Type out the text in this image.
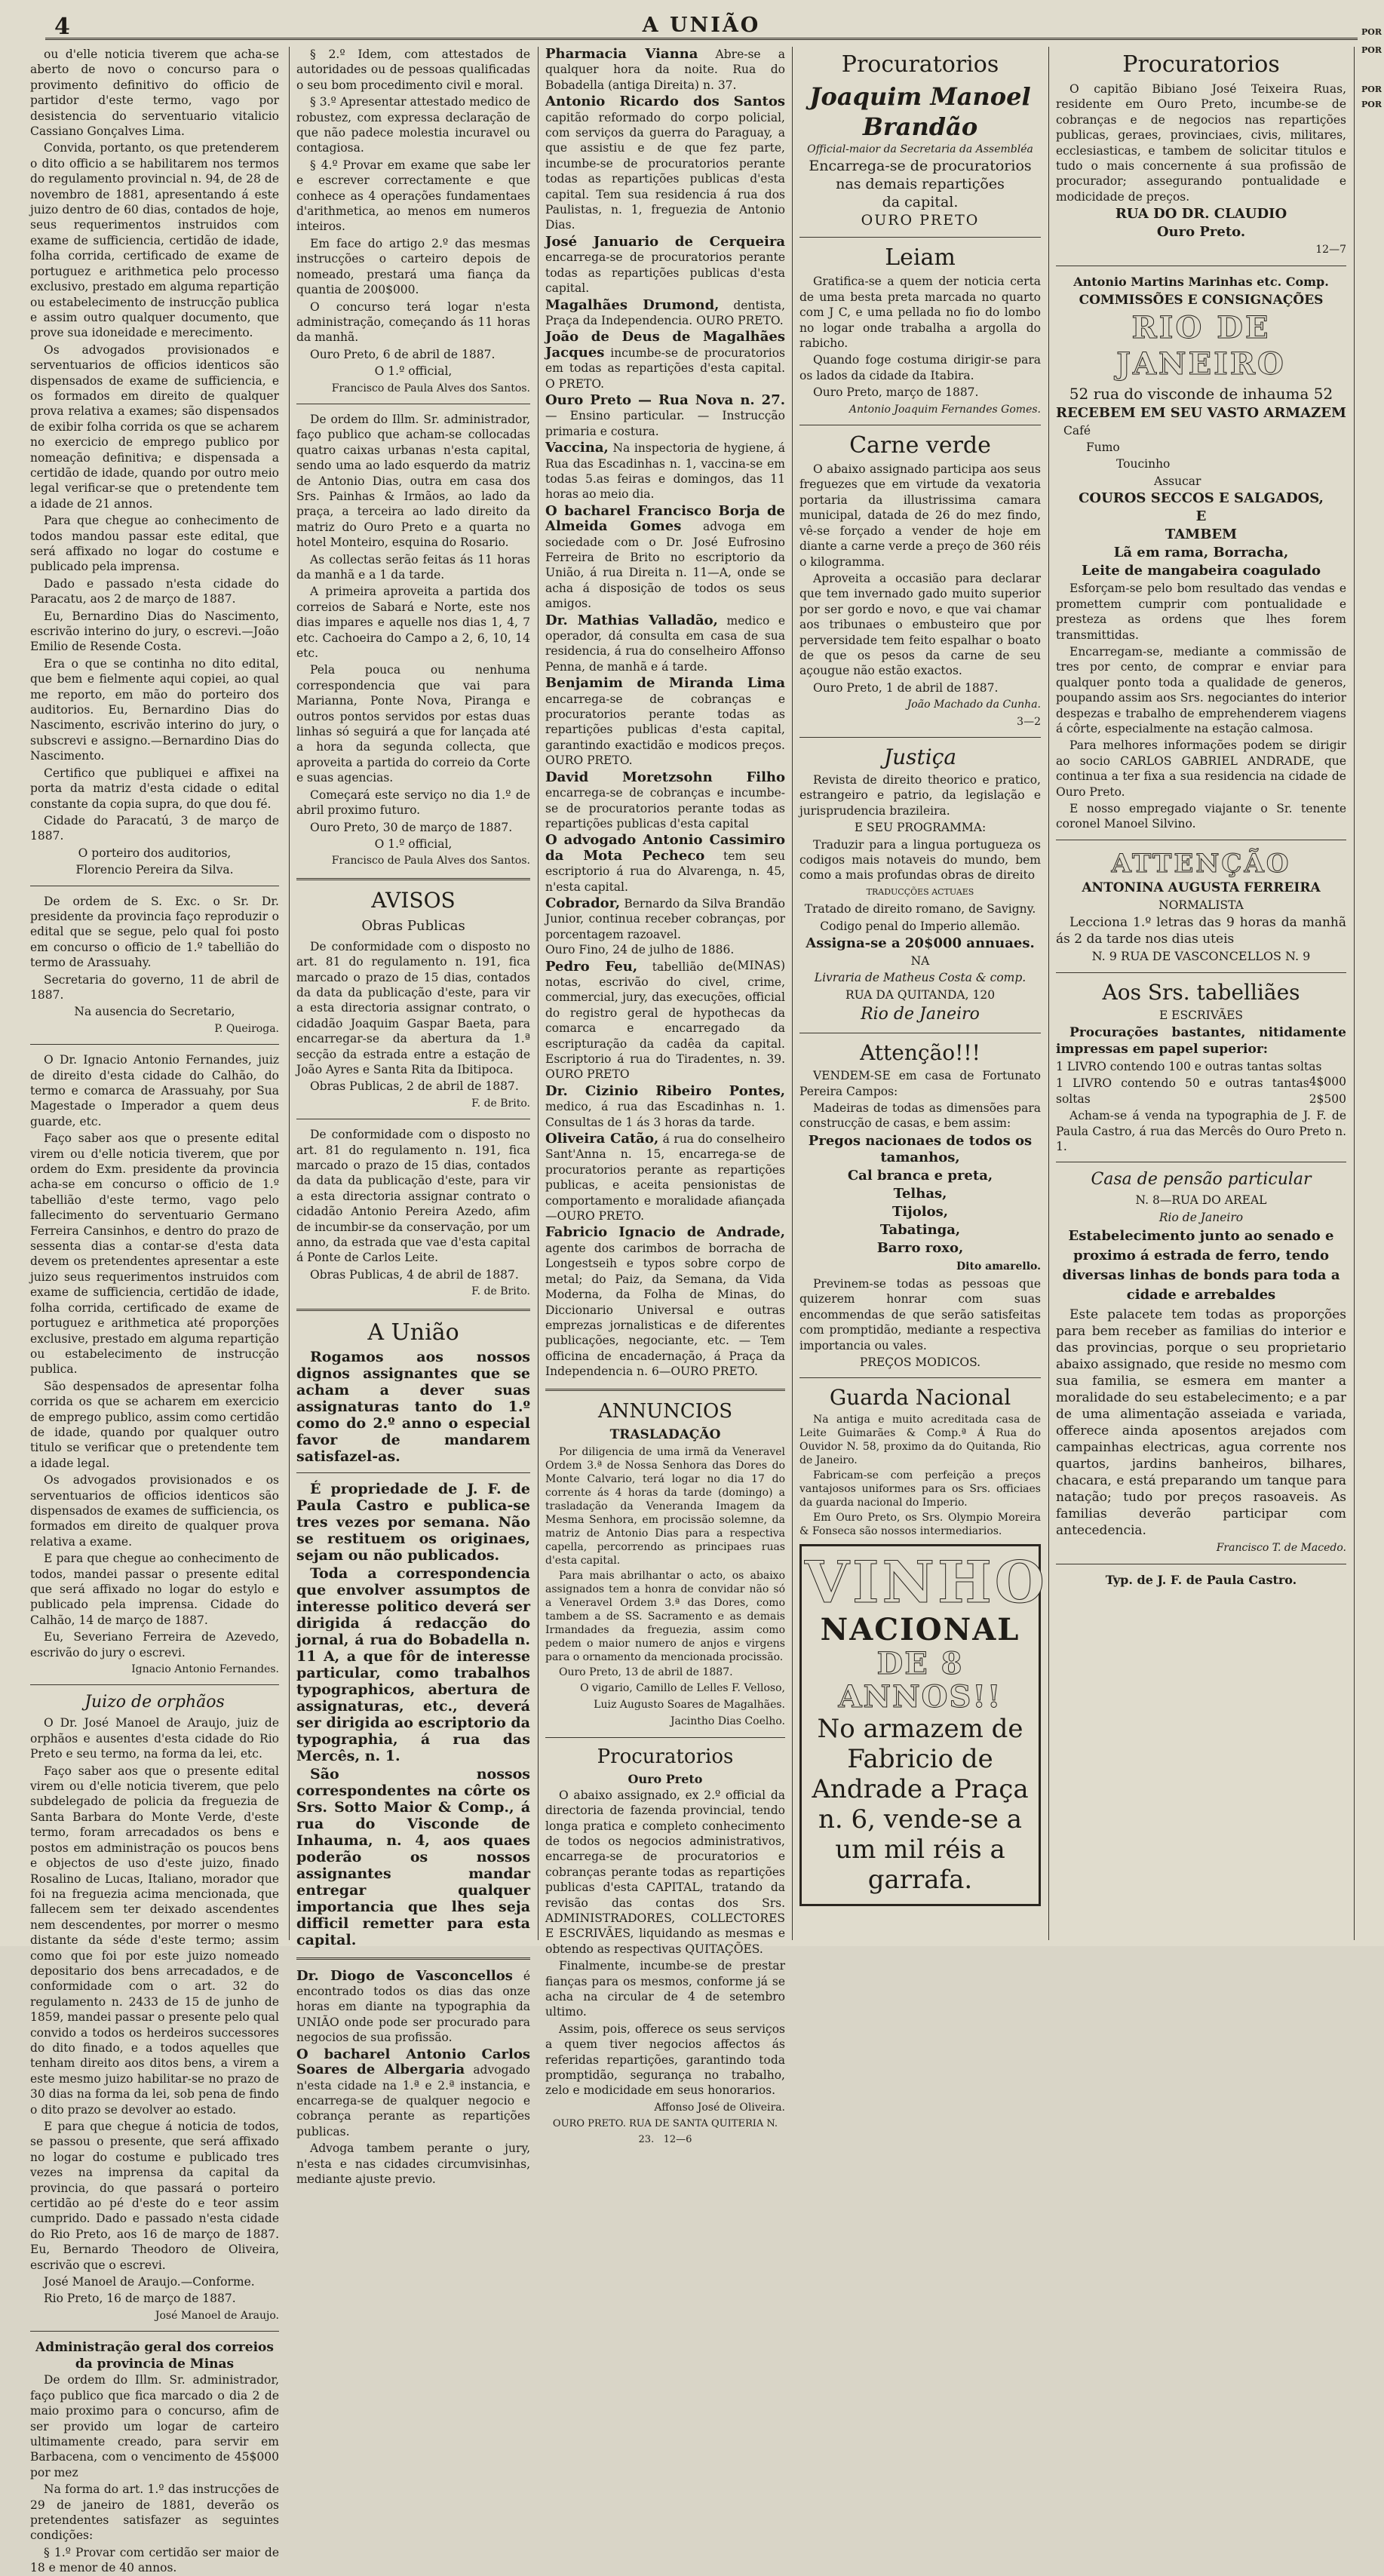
4	A UNIÃO

ou d'elle noticia tiverem que acha-se aberto de novo o concurso para o provimento definitivo do officio de partidor d'este termo, vago por desistencia do serventuario vitalicio Cassiano Gonçalves Lima.

Convida, portanto, os que pretenderem o dito officio a se habilitarem nos termos do regulamento provincial n. 94, de 28 de novembro de 1881, apresentando á este juizo dentro de 60 dias, contados de hoje, seus requerimentos instruidos com exame de sufficiencia, certidão de idade, folha corrida, certificado de exame de portuguez e arithmetica pelo processo exclusivo, prestado em alguma repartição ou estabelecimento de instrucção publica e assim outro qualquer documento, que prove sua idoneidade e merecimento.

Os advogados provisionados e serventuarios de officios identicos são dispensados de exame de sufficiencia, e os formados em direito de qualquer prova relativa a exames; são dispensados de exibir folha corrida os que se acharem no exercicio de emprego publico por nomeação definitiva; e dispensada a certidão de idade, quando por outro meio legal verificar-se que o pretendente tem a idade de 21 annos.

Para que chegue ao conhecimento de todos mandou passar este edital, que será affixado no logar do costume e publicado pela imprensa.

Dado e passado n'esta cidade do Paracatu, aos 2 de março de 1887.

Eu, Bernardino Dias do Nascimento, escrivão interino do jury, o escrevi.—João Emilio de Resende Costa.

Era o que se continha no dito edital, que bem e fielmente aqui copiei, ao qual me reporto, em mão do porteiro dos auditorios. Eu, Bernardino Dias do Nascimento, escrivão interino do jury, o subscrevi e assigno.—Bernardino Dias do Nascimento.

Certifico que publiquei e affixei na porta da matriz d'esta cidade o edital constante da copia supra, do que dou fé.

Cidade do Paracatú, 3 de março de 1887.

O porteiro dos auditorios,

Florencio Pereira da Silva.

De ordem de S. Exc. o Sr. Dr. presidente da provincia faço reproduzir o edital que se segue, pelo qual foi posto em concurso o officio de 1.º tabellião do termo de Arassuahy.

Secretaria do governo, 11 de abril de 1887.

Na ausencia do Secretario,

P. Queiroga.

O Dr. Ignacio Antonio Fernandes, juiz de direito d'esta cidade do Calhão, do termo e comarca de Arassuahy, por Sua Magestade o Imperador a quem deus guarde, etc.

Faço saber aos que o presente edital virem ou d'elle noticia tiverem, que por ordem do Exm. presidente da provincia acha-se em concurso o officio de 1.º tabellião d'este termo, vago pelo fallecimento do serventuario Germano Ferreira Cansinhos, e dentro do prazo de sessenta dias a contar-se d'esta data devem os pretendentes apresentar a este juizo seus requerimentos instruidos com exame de sufficiencia, certidão de idade, folha corrida, certificado de exame de portuguez e arithmetica até proporções exclusive, prestado em alguma repartição ou estabelecimento de instrucção publica.

São despensados de apresentar folha corrida os que se acharem em exercicio de emprego publico, assim como certidão de idade, quando por qualquer outro titulo se verificar que o pretendente tem a idade legal.

Os advogados provisionados e os serventuarios de officios identicos são dispensados de exames de sufficiencia, os formados em direito de qualquer prova relativa a exame.

E para que chegue ao conhecimento de todos, mandei passar o presente edital que será affixado no logar do estylo e publicado pela imprensa. Cidade do Calhão, 14 de março de 1887.

Eu, Severiano Ferreira de Azevedo, escrivão do jury o escrevi.

Ignacio Antonio Fernandes.

Juizo de orphãos

O Dr. José Manoel de Araujo, juiz de orphãos e ausentes d'esta cidade do Rio Preto e seu termo, na forma da lei, etc.

Faço saber aos que o presente edital virem ou d'elle noticia tiverem, que pelo subdelegado de policia da freguezia de Santa Barbara do Monte Verde, d'este termo, foram arrecadados os bens e postos em administração os poucos bens e objectos de uso d'este juizo, finado Rosalino de Lucas, Italiano, morador que foi na freguezia acima mencionada, que fallecem sem ter deixado ascendentes nem descendentes, por morrer o mesmo distante da séde d'este termo; assim como que foi por este juizo nomeado depositario dos bens arrecadados, e de conformidade com o art. 32 do regulamento n. 2433 de 15 de junho de 1859, mandei passar o presente pelo qual convido a todos os herdeiros successores do dito finado, e a todos aquelles que tenham direito aos ditos bens, a virem a este mesmo juizo habilitar-se no prazo de 30 dias na forma da lei, sob pena de findo o dito prazo se devolver ao estado.

E para que chegue á noticia de todos, se passou o presente, que será affixado no logar do costume e publicado tres vezes na imprensa da capital da provincia, do que passará o porteiro certidão ao pé d'este do e teor assim cumprido. Dado e passado n'esta cidade do Rio Preto, aos 16 de março de 1887. Eu, Bernardo Theodoro de Oliveira, escrivão que o escrevi.

José Manoel de Araujo.—Conforme.

Rio Preto, 16 de março de 1887.

José Manoel de Araujo.

Administração geral dos correios da provincia de Minas

De ordem do Illm. Sr. administrador, faço publico que fica marcado o dia 2 de maio proximo para o concurso, afim de ser provido um logar de carteiro ultimamente creado, para servir em Barbacena, com o vencimento de 45$000 por mez

Na forma do art. 1.º das instrucções de 29 de janeiro de 1881, deverão os pretendentes satisfazer as seguintes condições:

§ 1.º Provar com certidão ser maior de 18 e menor de 40 annos.

§ 2.º Idem, com attestados de autoridades ou de pessoas qualificadas o seu bom procedimento civil e moral.

§ 3.º Apresentar attestado medico de robustez, com expressa declaração de que não padece molestia incuravel ou contagiosa.

§ 4.º Provar em exame que sabe ler e escrever correctamente e que conhece as 4 operações fundamentaes d'arithmetica, ao menos em numeros inteiros.

Em face do artigo 2.º das mesmas instrucções o carteiro depois de nomeado, prestará uma fiança da quantia de 200$000.

O concurso terá logar n'esta administração, começando ás 11 horas da manhã.

Ouro Preto, 6 de abril de 1887.

O 1.º official,

Francisco de Paula Alves dos Santos.

De ordem do Illm. Sr. administrador, faço publico que acham-se collocadas quatro caixas urbanas n'esta capital, sendo uma ao lado esquerdo da matriz de Antonio Dias, outra em casa dos Srs. Painhas & Irmãos, ao lado da praça, a terceira ao lado direito da matriz do Ouro Preto e a quarta no hotel Monteiro, esquina do Rosario.

As collectas serão feitas ás 11 horas da manhã e a 1 da tarde.

A primeira aproveita a partida dos correios de Sabará e Norte, este nos dias impares e aquelle nos dias 1, 4, 7 etc. Cachoeira do Campo a 2, 6, 10, 14 etc.

Pela pouca ou nenhuma correspondencia que vai para Marianna, Ponte Nova, Piranga e outros pontos servidos por estas duas linhas só seguirá a que for lançada até a hora da segunda collecta, que aproveita a partida do correio da Corte e suas agencias.

Começará este serviço no dia 1.º de abril proximo futuro.

Ouro Preto, 30 de março de 1887.

O 1.º official,

Francisco de Paula Alves dos Santos.

AVISOS
Obras Publicas

De conformidade com o disposto no art. 81 do regulamento n. 191, fica marcado o prazo de 15 dias, contados da data da publicação d'este, para vir a esta directoria assignar contrato, o cidadão Joaquim Gaspar Baeta, para encarregar-se da abertura da 1.ª secção da estrada entre a estação de João Ayres e Santa Rita da Ibitipoca.

Obras Publicas, 2 de abril de 1887.

F. de Brito.

De conformidade com o disposto no art. 81 do regulamento n. 191, fica marcado o prazo de 15 dias, contados da data da publicação d'este, para vir a esta directoria assignar contrato o cidadão Antonio Pereira Azedo, afim de incumbir-se da conservação, por um anno, da estrada que vae d'esta capital á Ponte de Carlos Leite.

Obras Publicas, 4 de abril de 1887.

F. de Brito.

A União

Rogamos aos nossos dignos assignantes que se acham a dever suas assignaturas tanto do 1.º como do 2.º anno o especial favor de mandarem satisfazel-as.

É propriedade de J. F. de Paula Castro e publica-se tres vezes por semana. Não se restituem os originaes, sejam ou não publicados.

Toda a correspondencia que envolver assumptos de interesse politico deverá ser dirigida á redacção do jornal, á rua do Bobadella n. 11 A, a que fôr de interesse particular, como trabalhos typographicos, abertura de assignaturas, etc., deverá ser dirigida ao escriptorio da typographia, á rua das Mercês, n. 1.

São nossos correspondentes na côrte os Srs. Sotto Maior & Comp., á rua do Visconde de Inhauma, n. 4, aos quaes poderão os nossos assignantes mandar entregar qualquer importancia que lhes seja difficil remetter para esta capital.

Dr. Diogo de Vasconcellos é encontrado todos os dias das onze horas em diante na typographia da UNIÃO onde pode ser procurado para negocios de sua profissão.

O bacharel Antonio Carlos Soares de Albergaria advogado n'esta cidade na 1.ª e 2.ª instancia, e encarrega-se de qualquer negocio e cobrança perante as repartições publicas.

Advoga tambem perante o jury, n'esta e nas cidades circumvisinhas, mediante ajuste previo.

Pharmacia Vianna Abre-se a qualquer hora da noite. Rua do Bobadella (antiga Direita) n. 37.

Antonio Ricardo dos Santos capitão reformado do corpo policial, com serviços da guerra do Paraguay, a que assistiu e de que fez parte, incumbe-se de procuratorios perante todas as repartições publicas d'esta capital. Tem sua residencia á rua dos Paulistas, n. 1, freguezia de Antonio Dias.

José Januario de Cerqueira encarrega-se de procuratorios perante todas as repartições publicas d'esta capital.

Magalhães Drumond, dentista, Praça da Independencia. OURO PRETO.

João de Deus de Magalhães Jacques incumbe-se de procuratorios em todas as repartições d'esta capital. O PRETO.

Ouro Preto — Rua Nova n. 27. — Ensino particular. — Instrucção primaria e costura.

Vaccina, Na inspectoria de hygiene, á Rua das Escadinhas n. 1, vaccina-se em todas 5.as feiras e domingos, das 11 horas ao meio dia.

O bacharel Francisco Borja de Almeida Gomes advoga em sociedade com o Dr. José Eufrosino Ferreira de Brito no escriptorio da União, á rua Direita n. 11—A, onde se acha á disposição de todos os seus amigos.

Dr. Mathias Valladão, medico e operador, dá consulta em casa de sua residencia, á rua do conselheiro Affonso Penna, de manhã e á tarde.

Benjamim de Miranda Lima encarrega-se de cobranças e procuratorios perante todas as repartições publicas d'esta capital, garantindo exactidão e modicos preços. OURO PRETO.

David Moretzsohn Filho encarrega-se de cobranças e incumbe-se de procuratorios perante todas as repartições publicas d'esta capital

O advogado Antonio Cassimiro da Mota Pecheco tem seu escriptorio á rua do Alvarenga, n. 45, n'esta capital.

Cobrador, Bernardo da Silva Brandão Junior, continua receber cobranças, por porcentagem razoavel.
Ouro Fino, 24 de julho de 1886.
(MINAS)

Pedro Feu, tabellião de notas, escrivão do civel, crime, commercial, jury, das execuções, official do registro geral de hypothecas da comarca e encarregado da escripturação da cadêa da capital. Escriptorio á rua do Tiradentes, n. 39. OURO PRETO

Dr. Cizinio Ribeiro Pontes, medico, á rua das Escadinhas n. 1. Consultas de 1 ás 3 horas da tarde.

Oliveira Catão, á rua do conselheiro Sant'Anna n. 15, encarrega-se de procuratorios perante as repartições publicas, e aceita pensionistas de comportamento e moralidade afiançada—OURO PRETO.

Fabricio Ignacio de Andrade, agente dos carimbos de borracha de Longestseih e typos sobre corpo de metal; do Paiz, da Semana, da Vida Moderna, da Folha de Minas, do Diccionario Universal e outras emprezas jornalisticas e de diferentes publicações, negociante, etc. — Tem officina de encadernação, á Praça da Independencia n. 6—OURO PRETO.

ANNUNCIOS
TRASLADAÇÃO

Por diligencia de uma irmã da Veneravel Ordem 3.ª de Nossa Senhora das Dores do Monte Calvario, terá logar no dia 17 do corrente ás 4 horas da tarde (domingo) a trasladação da Veneranda Imagem da Mesma Senhora, em procissão solemne, da matriz de Antonio Dias para a respectiva capella, percorrendo as principaes ruas d'esta capital.

Para mais abrilhantar o acto, os abaixo assignados tem a honra de convidar não só a Veneravel Ordem 3.ª das Dores, como tambem a de SS. Sacramento e as demais Irmandades da freguezia, assim como pedem o maior numero de anjos e virgens para o ornamento da mencionada procissão.

Ouro Preto, 13 de abril de 1887.

O vigario, Camillo de Lelles F. Velloso,

Luiz Augusto Soares de Magalhães.

Jacintho Dias Coelho.

Procuratorios
Ouro Preto

O abaixo assignado, ex 2.º official da directoria de fazenda provincial, tendo longa pratica e completo conhecimento de todos os negocios administrativos, encarrega-se de procuratorios e cobranças perante todas as repartições publicas d'esta CAPITAL, tratando da revisão das contas dos Srs. ADMINISTRADORES, COLLECTORES E ESCRIVÃES, liquidando as mesmas e obtendo as respectivas QUITAÇÕES.

Finalmente, incumbe-se de prestar fianças para os mesmos, conforme já se acha na circular de 4 de setembro ultimo.

Assim, pois, offerece os seus serviços a quem tiver negocios affectos ás referidas repartições, garantindo toda promptidão, segurança no trabalho, zelo e modicidade em seus honorarios.

Affonso José de Oliveira.

OURO PRETO. RUA DE SANTA QUITERIA N. 23. 12—6

Procuratorios
Joaquim Manoel Brandão
Official-maior da Secretaria da Assembléa
Encarrega-se de procuratorios
nas demais repartições
da capital.
OURO PRETO
Leiam

Gratifica-se a quem der noticia certa de uma besta preta marcada no quarto com J C, e uma pellada no fio do lombo no logar onde trabalha a argolla do rabicho.

Quando foge costuma dirigir-se para os lados da cidade da Itabira.

Ouro Preto, março de 1887.

Antonio Joaquim Fernandes Gomes.

Carne verde

O abaixo assignado participa aos seus freguezes que em virtude da vexatoria portaria da illustrissima camara municipal, datada de 26 do mez findo, vê-se forçado a vender de hoje em diante a carne verde a preço de 360 réis o kilogramma.

Aproveita a occasião para declarar que tem invernado gado muito superior por ser gordo e novo, e que vai chamar aos tribunaes o embusteiro que por perversidade tem feito espalhar o boato de que os pesos da carne de seu açougue não estão exactos.

Ouro Preto, 1 de abril de 1887.

João Machado da Cunha.

3—2

Justiça

Revista de direito theorico e pratico, estrangeiro e patrio, da legislação e jurisprudencia brazileira.

E SEU PROGRAMMA:

Traduzir para a lingua portugueza os codigos mais notaveis do mundo, bem como a mais profundas obras de direito

TRADUCÇÕES ACTUAES

Tratado de direito romano, de Savigny.

Codigo penal do Imperio allemão.

Assigna-se a 20$000 annuaes.

NA

Livraria de Matheus Costa & comp.

RUA DA QUITANDA, 120

Rio de Janeiro

Attenção!!!

VENDEM-SE em casa de Fortunato Pereira Campos:

Madeiras de todas as dimensões para construcção de casas, e bem assim:

Pregos nacionaes de todos os tamanhos,

Cal branca e preta,

Telhas,

Tijolos,

Tabatinga,

Barro roxo,

Dito amarello.

Previnem-se todas as pessoas que quizerem honrar com suas encommendas de que serão satisfeitas com promptidão, mediante a respectiva importancia ou vales.

PREÇOS MODICOS.

Guarda Nacional

Na antiga e muito acreditada casa de Leite Guimarães & Comp.ª Á Rua do Ouvidor N. 58, proximo da do Quitanda, Rio de Janeiro.

Fabricam-se com perfeição a preços vantajosos uniformes para os Srs. officiaes da guarda nacional do Imperio.

Em Ouro Preto, os Srs. Olympio Moreira & Fonseca são nossos intermediarios.

VINHO
NACIONAL
DE 8 ANNOS!!
No armazem de Fabricio de Andrade a Praça n. 6, vende-se a um mil réis a garrafa.
Procuratorios

O capitão Bibiano José Teixeira Ruas, residente em Ouro Preto, incumbe-se de cobranças e de negocios nas repartições publicas, geraes, provinciaes, civis, militares, ecclesiasticas, e tambem de solicitar titulos e tudo o mais concernente á sua profissão de procurador; assegurando pontualidade e modicidade de preços.

RUA DO DR. CLAUDIO

Ouro Preto.

12—7

Antonio Martins Marinhas etc. Comp.

COMMISSÕES E CONSIGNAÇÕES

RIO DE JANEIRO

52 rua do visconde de inhauma 52

RECEBEM EM SEU VASTO ARMAZEM

Café

Fumo

Toucinho

Assucar

COUROS SECCOS E SALGADOS,

E

TAMBEM

Lã em rama, Borracha,

Leite de mangabeira coagulado

Esforçam-se pelo bom resultado das vendas e promettem cumprir com pontualidade e presteza as ordens que lhes forem transmittidas.

Encarregam-se, mediante a commissão de tres por cento, de comprar e enviar para qualquer ponto toda a qualidade de generos, poupando assim aos Srs. negociantes do interior despezas e trabalho de emprehenderem viagens á côrte, especialmente na estação calmosa.

Para melhores informações podem se dirigir ao socio CARLOS GABRIEL ANDRADE, que continua a ter fixa a sua residencia na cidade de Ouro Preto.

E nosso empregado viajante o Sr. tenente coronel Manoel Silvino.

ATTENÇÃO

ANTONINA AUGUSTA FERREIRA

NORMALISTA

Lecciona 1.º letras das 9 horas da manhã ás 2 da tarde nos dias uteis

N. 9 RUA DE VASCONCELLOS N. 9

Aos Srs. tabelliães

E ESCRIVÃES

Procurações bastantes, nitidamente impressas em papel superior:

1 LIVRO contendo 100 e outras tantas soltas
4$000

1 LIVRO contendo 50 e outras tantas soltas	2$500

Acham-se á venda na typographia de J. F. de Paula Castro, á rua das Mercês do Ouro Preto n. 1.

Casa de pensão particular

N. 8—RUA DO AREAL

Rio de Janeiro

Estabelecimento junto ao senado e proximo á estrada de ferro, tendo diversas linhas de bonds para toda a cidade e arrebaldes

Este palacete tem todas as proporções para bem receber as familias do interior e das provincias, porque o seu proprietario abaixo assignado, que reside no mesmo com sua familia, se esmera em manter a moralidade do seu estabelecimento; e a par de uma alimentação asseiada e variada, offerece ainda aposentos arejados com campainhas electricas, agua corrente nos quartos, jardins banheiros, bilhares, chacara, e está preparando um tanque para natação; tudo por preços rasoaveis. As familias deverão participar com antecedencia.

Francisco T. de Macedo.

Typ. de J. F. de Paula Castro.

POR
POR
POR
POR
